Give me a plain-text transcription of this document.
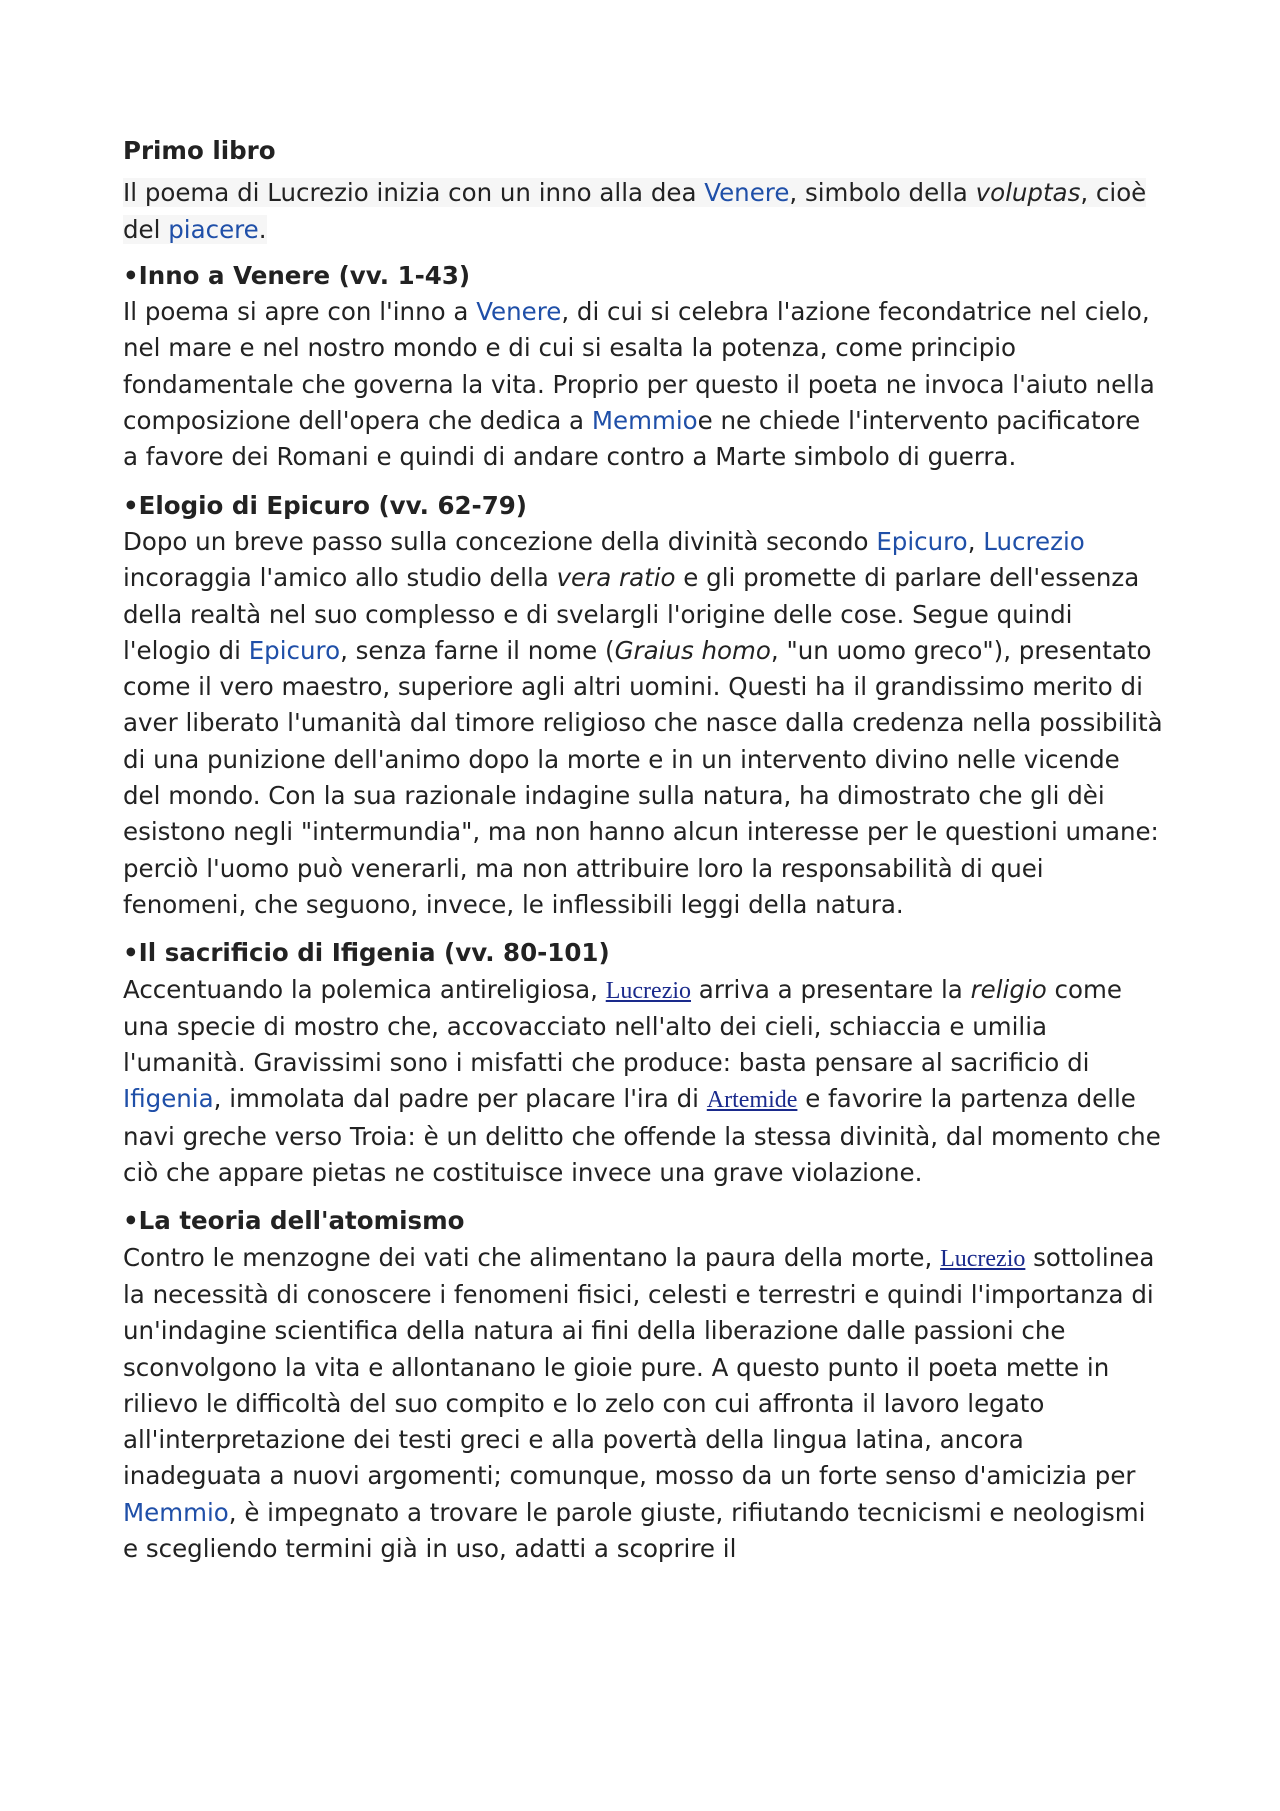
Primo libro

Il poema di Lucrezio inizia con un inno alla dea Venere, simbolo della voluptas, cioè del piacere.

•Inno a Venere (vv. 1-43)

Il poema si apre con l'inno a Venere, di cui si celebra l'azione fecondatrice nel cielo, nel mare e nel nostro mondo e di cui si esalta la potenza, come principio fondamentale che governa la vita. Proprio per questo il poeta ne invoca l'aiuto nella composizione dell'opera che dedica a Memmioe ne chiede l'intervento pacificatore a favore dei Romani e quindi di andare contro a Marte simbolo di guerra.

•Elogio di Epicuro (vv. 62-79)

Dopo un breve passo sulla concezione della divinità secondo Epicuro, Lucrezio incoraggia l'amico allo studio della vera ratio e gli promette di parlare dell'essenza della realtà nel suo complesso e di svelargli l'origine delle cose. Segue quindi l'elogio di Epicuro, senza farne il nome (Graius homo, "un uomo greco"), presentato come il vero maestro, superiore agli altri uomini. Questi ha il grandissimo merito di aver liberato l'umanità dal timore religioso che nasce dalla credenza nella possibilità di una punizione dell'animo dopo la morte e in un intervento divino nelle vicende del mondo. Con la sua razionale indagine sulla natura, ha dimostrato che gli dèi esistono negli "intermundia", ma non hanno alcun interesse per le questioni umane: perciò l'uomo può venerarli, ma non attribuire loro la responsabilità di quei fenomeni, che seguono, invece, le inflessibili leggi della natura.

•Il sacrificio di Ifigenia (vv. 80-101)

Accentuando la polemica antireligiosa, Lucrezio arriva a presentare la religio come una specie di mostro che, accovacciato nell'alto dei cieli, schiaccia e umilia l'umanità. Gravissimi sono i misfatti che produce: basta pensare al sacrificio di Ifigenia, immolata dal padre per placare l'ira di Artemide e favorire la partenza delle navi greche verso Troia: è un delitto che offende la stessa divinità, dal momento che ciò che appare pietas ne costituisce invece una grave violazione.

•La teoria dell'atomismo

Contro le menzogne dei vati che alimentano la paura della morte, Lucrezio sottolinea la necessità di conoscere i fenomeni fisici, celesti e terrestri e quindi l'importanza di un'indagine scientifica della natura ai fini della liberazione dalle passioni che sconvolgono la vita e allontanano le gioie pure. A questo punto il poeta mette in rilievo le difficoltà del suo compito e lo zelo con cui affronta il lavoro legato all'interpretazione dei testi greci e alla povertà della lingua latina, ancora inadeguata a nuovi argomenti; comunque, mosso da un forte senso d'amicizia per Memmio, è impegnato a trovare le parole giuste, rifiutando tecnicismi e neologismi e scegliendo termini già in uso, adatti a scoprire il
